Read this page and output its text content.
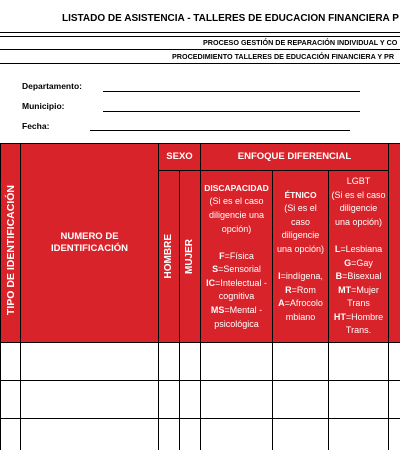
LISTADO DE ASISTENCIA - TALLERES DE EDUCACIÓN FINANCIERA P
PROCESO GESTIÓN DE REPARACIÓN INDIVIDUAL Y CO
PROCEDIMIENTO TALLERES DE EDUCACIÓN FINANCIERA Y PR
Departamento:
Municipio:
Fecha:
TIPO DE IDENTIFICACIÓN	NUMERO DE
IDENTIFICACIÓN
SEXO
HOMBRE MUJER
ENFOQUE DIFERENCIAL
DISCAPACIDAD
(Si es el caso
diligencie una
opción)
F=Física
S=Sensorial
IC=Intelectual -
cognitiva
MS=Mental -
psicológica
ÉTNICO
(Si es el
caso
diligencie
una opción)
I=indígena,
R=Rom
A=Afrocolo
mbiano
LGBT
(Si es el caso
diligencie
una opción)
L=Lesbiana
G=Gay
B=Bisexual
MT=Mujer
Trans
HT=Hombre
Trans.
